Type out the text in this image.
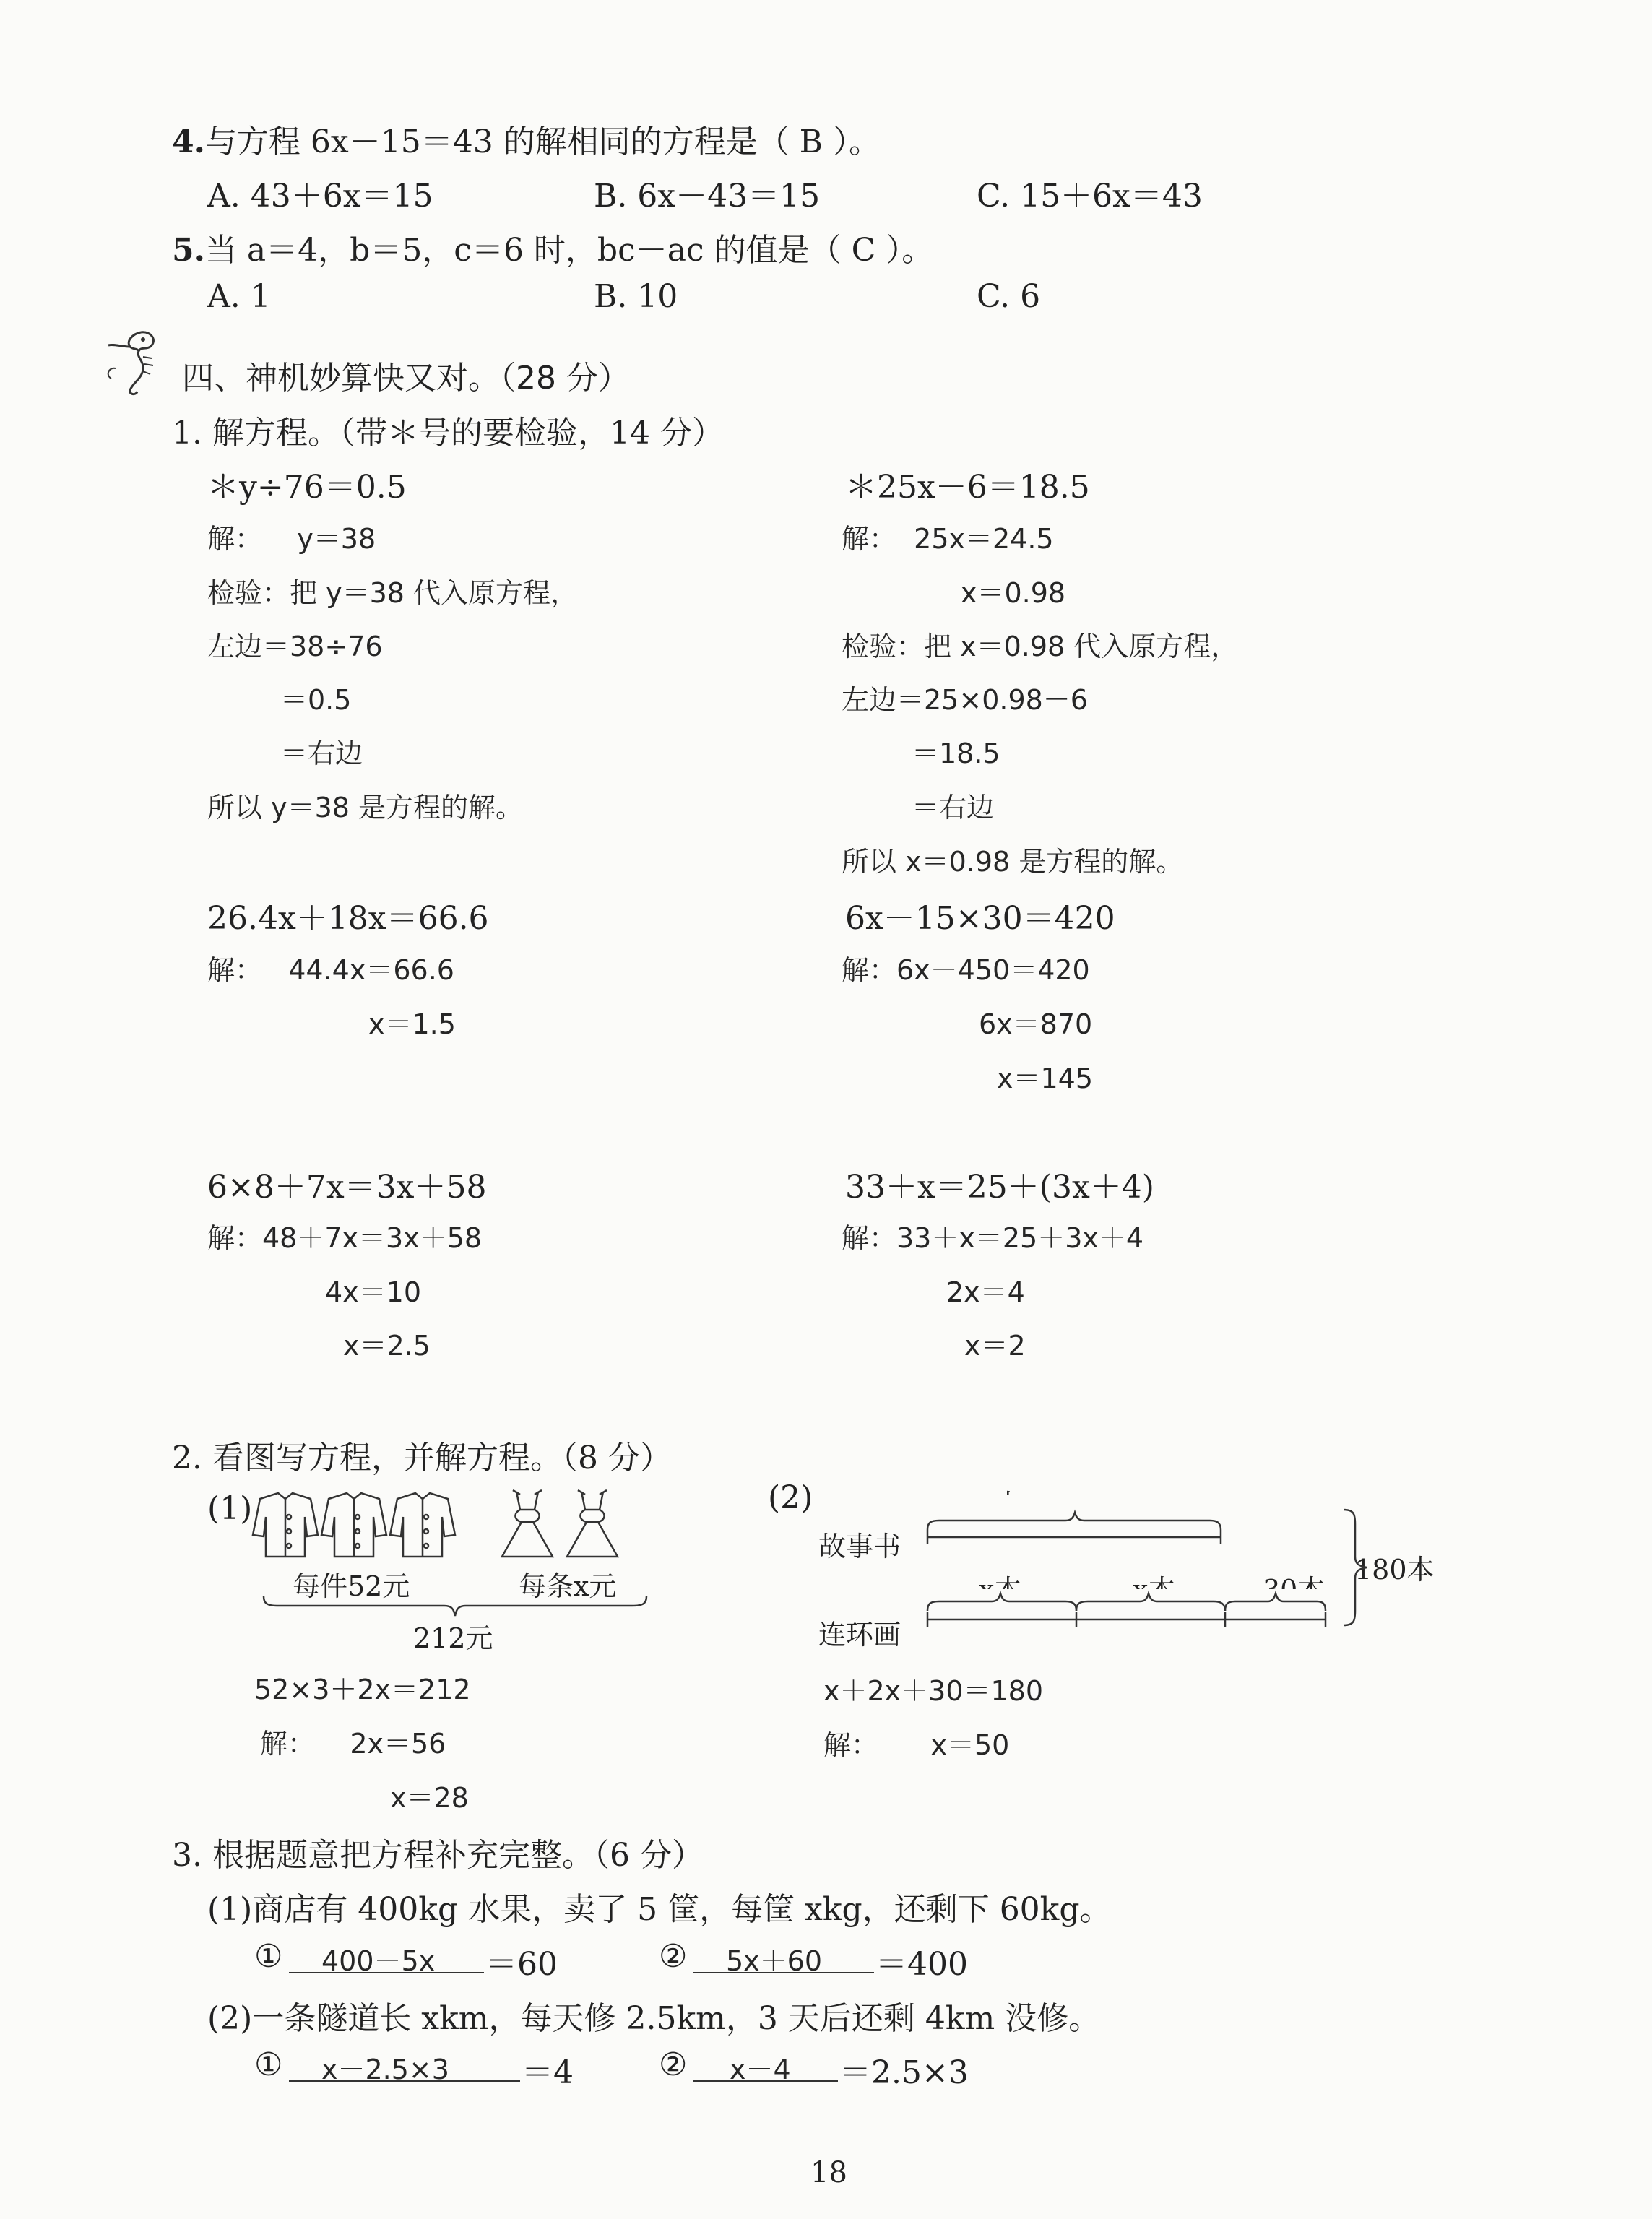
4.与方程 6x－15＝43 的解相同的方程是（ B ）。
A. 43＋6x＝15	B. 6x－43＝15	C. 15＋6x＝43
5.当 a＝4，b＝5，c＝6 时，bc－ac 的值是（ C ）。
A. 1	B. 10	C. 6
四、神机妙算快又对。（28 分）
1. 解方程。（带＊号的要检验，14 分）
＊y÷76＝0.5
解：    y＝38
检验：把 y＝38 代入原方程，
左边＝38÷76
＝0.5
＝右边
所以 y＝38 是方程的解。
＊25x－6＝18.5
解：  25x＝24.5
x＝0.98
检验：把 x＝0.98 代入原方程，
左边＝25×0.98－6
＝18.5
＝右边
所以 x＝0.98 是方程的解。
26.4x＋18x＝66.6
解：   44.4x＝66.6
x＝1.5
6x－15×30＝420
解：6x－450＝420
6x＝870
x＝145
6×8＋7x＝3x＋58
解：48＋7x＝3x＋58
4x＝10
x＝2.5
33＋x＝25＋(3x＋4)
解：33＋x＝25＋3x＋4
2x＝4
x＝2
2. 看图写方程，并解方程。（8 分）
(1)
每件52元	每条x元
212元
52×3＋2x＝212
解：    2x＝56
x＝28
(2)
故事书
连环画
180本
x＋2x＋30＝180
解：      x＝50
3. 根据题意把方程补充完整。（6 分）
(1)商店有 400kg 水果，卖了 5 筐，每筐 xkg，还剩下 60kg。
① 400－5x ＝60	② 5x＋60 ＝400
(2)一条隧道长 xkm，每天修 2.5km，3 天后还剩 4km 没修。
① x－2.5×3 ＝4	② x－4 ＝2.5×3
18
